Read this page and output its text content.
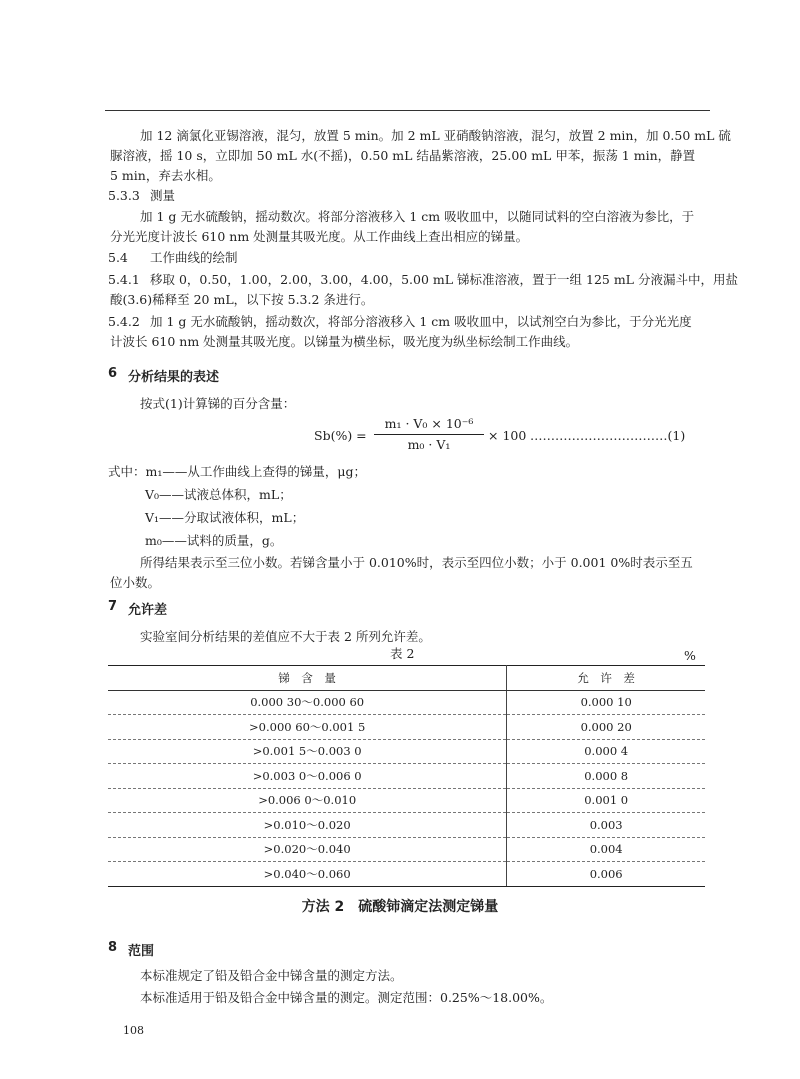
加 12 滴氯化亚锡溶液，混匀，放置 5 min。加 2 mL 亚硝酸钠溶液，混匀，放置 2 min，加 0.50 mL 硫
脲溶液，摇 10 s，立即加 50 mL 水(不摇)，0.50 mL 结晶紫溶液，25.00 mL 甲苯，振荡 1 min，静置
5 min，弃去水相。
5.3.3 测量
加 1 g 无水硫酸钠，摇动数次。将部分溶液移入 1 cm 吸收皿中，以随同试料的空白溶液为参比，于
分光光度计波长 610 nm 处测量其吸光度。从工作曲线上查出相应的锑量。
5.4 工作曲线的绘制
5.4.1 移取 0，0.50，1.00，2.00，3.00，4.00，5.00 mL 锑标准溶液，置于一组 125 mL 分液漏斗中，用盐
酸(3.6)稀释至 20 mL，以下按 5.3.2 条进行。
5.4.2 加 1 g 无水硫酸钠，摇动数次，将部分溶液移入 1 cm 吸收皿中，以试剂空白为参比，于分光光度
计波长 610 nm 处测量其吸光度。以锑量为横坐标，吸光度为纵坐标绘制工作曲线。
6 分析结果的表述
按式(1)计算锑的百分含量：
Sb(%) =
m₁ · V₀ × 10⁻⁶
m₀ · V₁
× 100 ……………………………(1)
式中：m₁——从工作曲线上查得的锑量，μg；
V₀——试液总体积，mL；
V₁——分取试液体积，mL；
m₀——试料的质量，g。
所得结果表示至三位小数。若锑含量小于 0.010%时，表示至四位小数；小于 0.001 0%时表示至五
位小数。
7 允许差
实验室间分析结果的差值应不大于表 2 所列允许差。
表 2	%
锑　含　量	允　许　差
0.000 30～0.000 60	0.000 10
>0.000 60～0.001 5	0.000 20
>0.001 5～0.003 0	0.000 4
>0.003 0～0.006 0	0.000 8
>0.006 0～0.010	0.001 0
>0.010～0.020	0.003
>0.020～0.040	0.004
>0.040～0.060	0.006
方法 2　硫酸铈滴定法测定锑量
8 范围
本标准规定了铅及铅合金中锑含量的测定方法。
本标准适用于铅及铅合金中锑含量的测定。测定范围：0.25%～18.00%。
108
